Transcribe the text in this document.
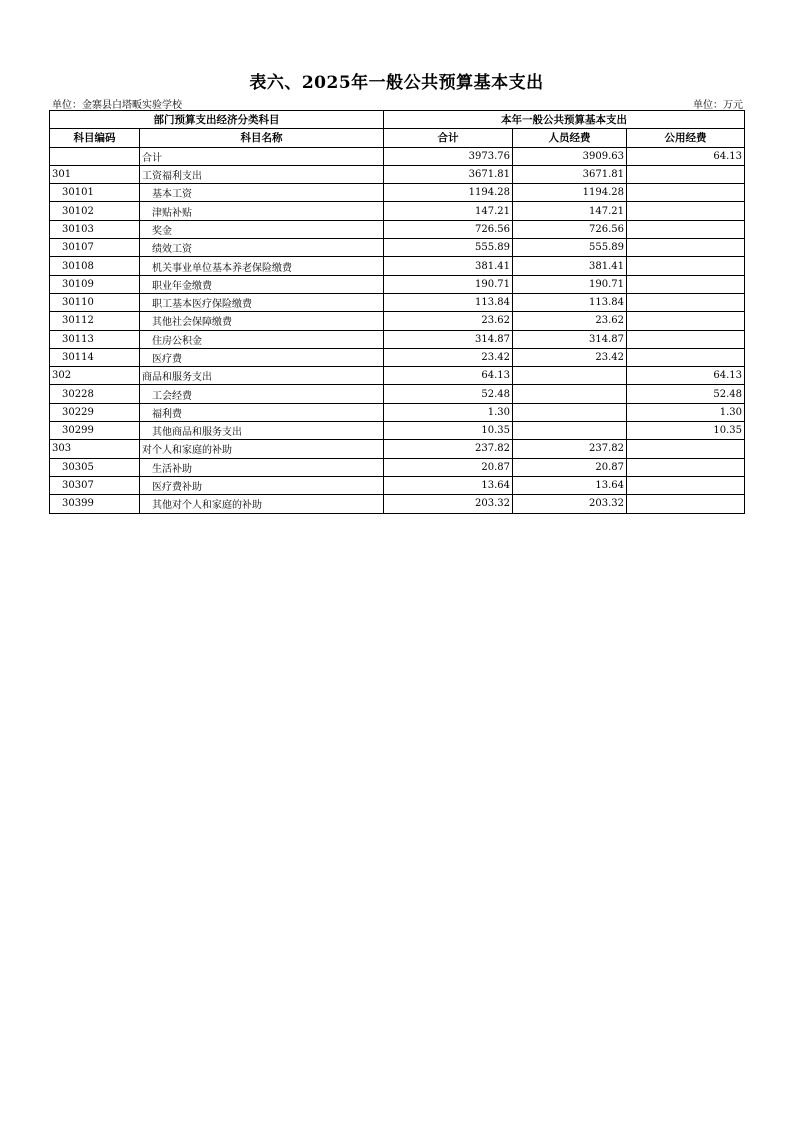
表六、2025年一般公共预算基本支出
单位：金寨县白塔畈实验学校	单位：万元
部门预算支出经济分类科目		本年一般公共预算基本支出		
科目编码	科目名称	合计	人员经费	公用经费
	合计	3973.76	3909.63	64.13
301	工资福利支出	3671.81	3671.81	
30101	基本工资	1194.28	1194.28	
30102	津贴补贴	147.21	147.21	
30103	奖金	726.56	726.56	
30107	绩效工资	555.89	555.89	
30108	机关事业单位基本养老保险缴费	381.41	381.41	
30109	职业年金缴费	190.71	190.71	
30110	职工基本医疗保险缴费	113.84	113.84	
30112	其他社会保障缴费	23.62	23.62	
30113	住房公积金	314.87	314.87	
30114	医疗费	23.42	23.42	
302	商品和服务支出	64.13		64.13
30228	工会经费	52.48		52.48
30229	福利费	1.30		1.30
30299	其他商品和服务支出	10.35		10.35
303	对个人和家庭的补助	237.82	237.82	
30305	生活补助	20.87	20.87	
30307	医疗费补助	13.64	13.64	
30399	其他对个人和家庭的补助	203.32	203.32	
